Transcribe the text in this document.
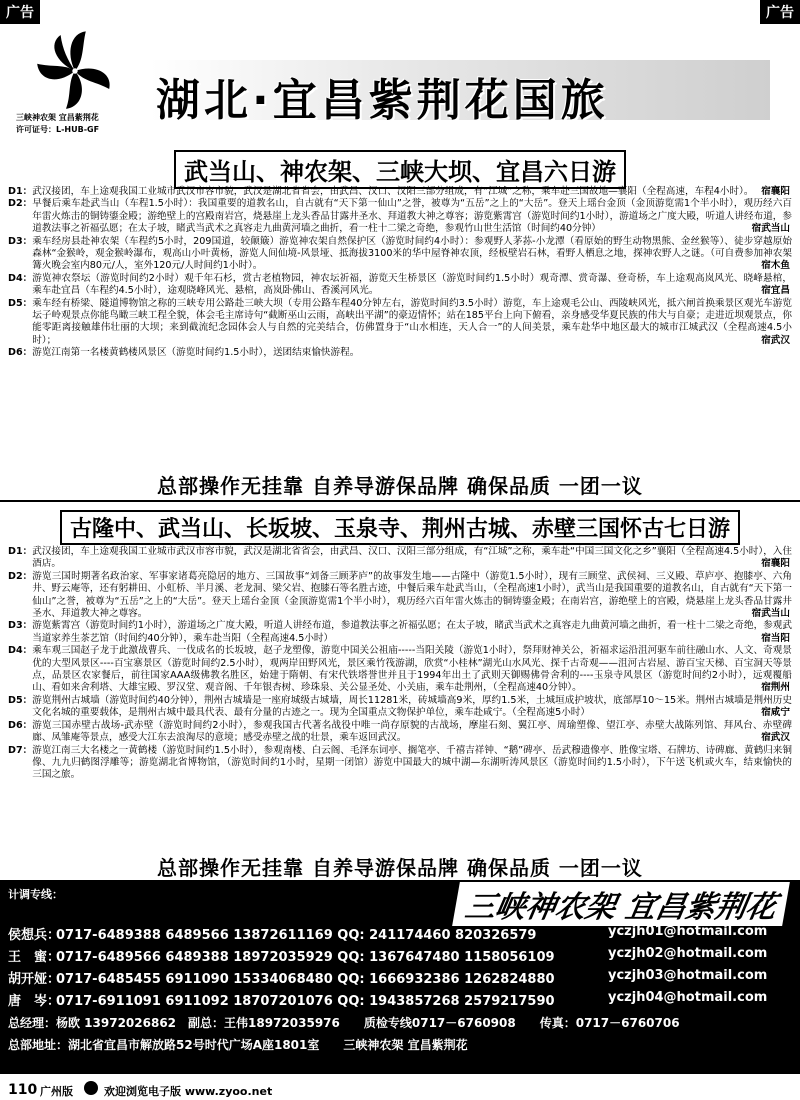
广告	广告
三峡神农架 宜昌紫荆花
许可证号：L-HUB-GF
湖北·宜昌紫荆花国旅
武当山、神农架、三峡大坝、宜昌六日游
D1： 武汉接团，车上途观我国工业城市武汉市容市貌，武汉是湖北省省会，由武昌、汉口、汉阳三部分组成，有“江城”之称，乘车赴三国故地—襄阳（全程高速，车程4小时）。 宿襄阳
D2： 早餐后乘车赴武当山（车程1.5小时）：我国重要的道教名山，自古就有“天下第一仙山”之誉，被尊为“五岳”之上的“大岳”。登天上瑶台金顶（金顶游览需1个半小时），观历经六百年雷火炼击的铜铸鎏金殿；游绝壁上的宫殿南岩宫，烧悬崖上龙头香品甘露井圣水、拜道教大神之尊容；游览紫霄宫（游览时间约1小时），游道场之广度大殿，听道人讲经布道，参道教法事之祈福弘愿；在太子坡，睹武当武术之真容走九曲黄河墙之曲折，看一柱十二梁之奇绝，参观竹山世生活馆（时间约40分钟）	宿武当山
D3： 乘车经房县赴神农架（车程约5小时，209国道，较颠簸）游览神农架自然保护区（游览时间约4小时）：参观野人茅荪-小龙潭（看原始的野生动物黑熊、金丝猴等）、徒步穿越原始森林“金猴岭，观金猴岭瀑布，观高山小叶黄杨，游览人间仙境-风景垭、抵海拔3100米的华中屋脊神农顶，经板壁岩石林，看野人栖息之地，探神农野人之谜。（可自费参加神农架篝火晚会室内80元/人，室外120元/人时间约1小时）。	宿木鱼
D4： 游览神农祭坛（游览时间约2小时）观千年石杉，赏古老植物园，神农坛祈福，游览天生桥景区（游览时间约1.5小时）观奇潭、赏奇瀑、登奇桥，车上途观高岚风光、晓峰悬棺，乘车赴宜昌（车程约4.5小时），途观晓峰风光、悬棺，高岚卧佛山、香溪河风光。	宿宜昌
D5： 乘车经有桥梁、隧道博物馆之称的三峡专用公路赴三峡大坝（专用公路车程40分钟左右，游览时间约3.5小时）游览，车上途观毛公山、西陵峡风光，抵六闸首换乘景区观光车游览坛子岭观景点你能鸟瞰三峡工程全貌，体会毛主席诗句“截断巫山云雨，高峡出平湖”的豪迈情怀；站在185平台上向下俯看，亲身感受华夏民族的伟大与自豪；走进近坝观景点，你能零距离接触雄伟壮丽的大坝；来到截流纪念园体会人与自然的完美结合，仿佛置身于“山水相连，天人合一”的人间美景，乘车赴华中地区最大的城市江城武汉（全程高速4.5小时）；	宿武汉
D6： 游览江南第一名楼黄鹤楼风景区（游览时间约1.5小时），送团结束愉快游程。
总部操作无挂靠 自养导游保品牌 确保品质 一团一议
古隆中、武当山、长坂坡、玉泉寺、荆州古城、赤壁三国怀古七日游
D1： 武汉接团，车上途观我国工业城市武汉市容市貌，武汉是湖北省省会，由武昌、汉口、汉阳三部分组成，有“江城”之称，乘车赴“中国三国文化之乡”襄阳（全程高速4.5小时），入住酒店。	宿襄阳
D2： 游览三国时期著名政治家、军事家诸葛亮隐居的地方、三国故事“刘备三顾茅庐”的故事发生地——古隆中（游览1.5小时），现有三顾堂、武侯祠、三义殿、草庐亭、抱膝亭、六角井、野云庵等，还有躬耕田、小虹桥、半月溪、老龙洞、梁父岩、抱膝石等名胜古迹，中餐后乘车赴武当山，（全程高速1小时），武当山是我国重要的道教名山，自古就有“天下第一仙山”之誉，被尊为“五岳”之上的“大岳”。登天上瑶台金顶（金顶游览需1个半小时），观历经六百年雷火炼击的铜铸鎏金殿；在南岩宫，游绝壁上的宫殿，烧悬崖上龙头香品甘露井圣水、拜道教大神之尊容。	宿武当山
D3： 游览紫霄宫（游览时间约1小时），游道场之广度大殿，听道人讲经布道，参道教法事之祈福弘愿；在太子坡，睹武当武术之真容走九曲黄河墙之曲折，看一柱十二梁之奇绝，参观武当道家养生茶艺馆（时间约40分钟），乘车赴当阳（全程高速4.5小时）	宿当阳
D4： 乘车观三国赵子龙于此激战曹兵、一伐成名的长坂坡，赵子龙塑像，游览中国关公祖庙-----当阳关陵（游览1小时），祭拜财神关公，祈福求运沿沮河驱车前往融山水、人文、奇观景优的大型风景区----百宝寨景区（游览时间约2.5小时），观两岸田野风光，景区乘竹筏游湖，欣赏“小桂林”湖光山水风光、探千古奇观——沮河古岩屋、游百宝天梯、百宝洞天等景点，品景区农家餐后，前往国家AAA级佛教名胜区，始建于隋朝、有宋代铁塔誉世并且于1994年出土了武则天御赐佛骨舍利的----玉泉寺风景区（游览时间约2小时），远观覆船山、看如来舍利塔、大雄宝殿、罗汉堂、观音阁、千年银杏树、珍珠泉、关公显圣处、小关庙，乘车赴荆州，（全程高速40分钟）。	宿荆州
D5： 游览荆州古城墙（游览时间约40分钟），荆州古城墙是一座府城级古城墙，周长11281米，砖城墙高9米，厚约1.5米，土城垣成护坡状，底部厚10～15米。荆州古城墙是荆州历史文化名城的重要载体，是荆州古城中最具代表、最有分量的古迹之一。现为全国重点文物保护单位，乘车赴咸宁。（全程高速5小时）	宿咸宁
D6： 游览三国赤壁古战场-武赤壁（游览时间约2小时），参观我国古代著名战役中唯一尚存原貌的古战场，摩崖石刻、翼江亭、周瑜塑像、望江亭、赤壁大战陈列馆、拜风台、赤壁碑廊、凤雏庵等景点，感受大江东去浪淘尽的意境；感受赤壁之战的壮景，乘车返回武汉。	宿武汉
D7： 游览江南三大名楼之一黄鹤楼（游览时间约1.5小时），参观南楼、白云阁、毛泽东词亭、搁笔亭、千禧吉祥钟、“鹅”碑亭、岳武穆遗像亭、胜像宝塔、石牌坊、诗碑廊、黄鹤归来铜像、九九归鹤图浮雕等；游览湖北省博物馆，（游览时间约1小时，星期一闭馆）游览中国最大的城中湖—东湖听涛风景区（游览时间约1.5小时），下午送飞机或火车，结束愉快的三国之旅。
总部操作无挂靠 自养导游保品牌 确保品质 一团一议
计调专线：	三峡神农架 宜昌紫荆花
侯想兵：0717-6489388 6489566 13872611169 QQ: 241174460 820326579	yczjh01@hotmail.com
王　蜜：0717-6489566 6489388 18972035929 QQ: 1367647480 1158056109	yczjh02@hotmail.com
胡开娅：0717-6485455 6911090 15334068480 QQ: 1666932386 1262824880	yczjh03@hotmail.com
唐　岑：0717-6911091 6911092 18707201076 QQ: 1943857268 2579217590	yczjh04@hotmail.com
总经理：杨欧 13972026862　副总：王伟18972035976　　质检专线0717－6760908　　传真：0717－6760706
总部地址：湖北省宜昌市解放路52号时代广场A座1801室　　三峡神农架 宜昌紫荆花
110 广州版	欢迎浏览电子版 www.zyoo.net
